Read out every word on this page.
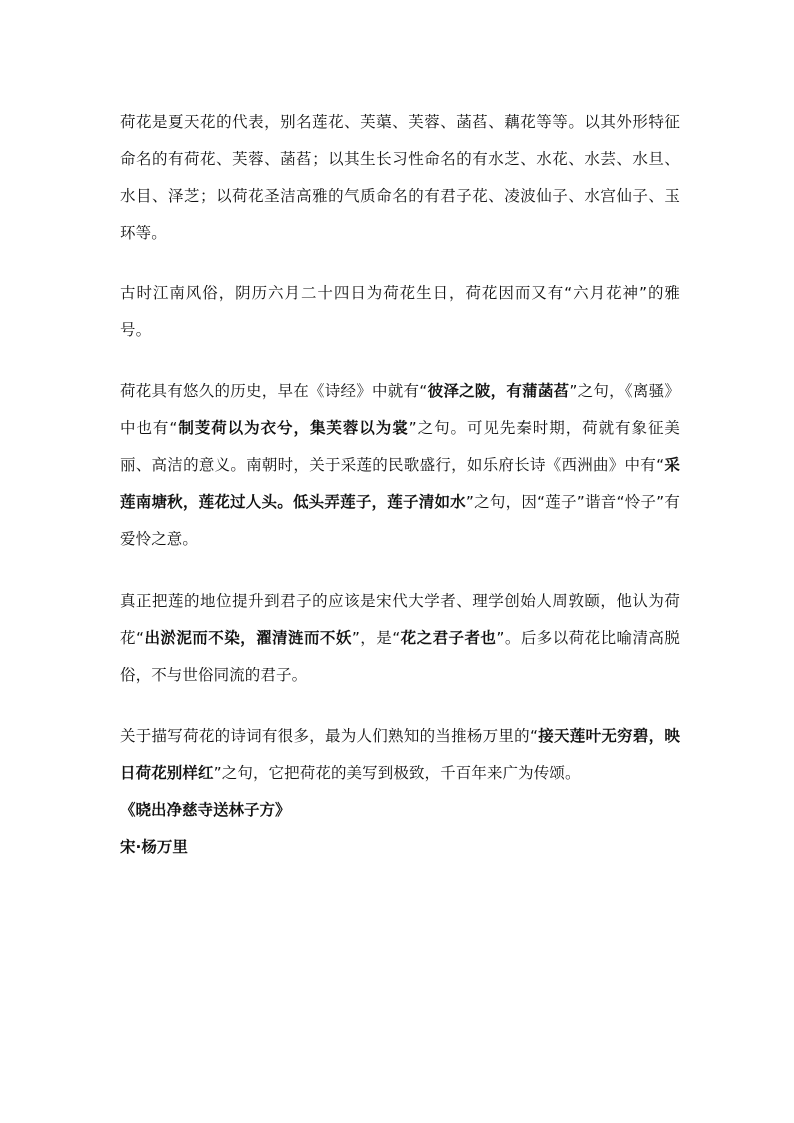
荷花是夏天花的代表，别名莲花、芙蕖、芙蓉、菡萏、藕花等等。以其外形特征命名的有荷花、芙蓉、菡萏；以其生长习性命名的有水芝、水花、水芸、水旦、水目、泽芝；以荷花圣洁高雅的气质命名的有君子花、凌波仙子、水宫仙子、玉环等。

古时江南风俗，阴历六月二十四日为荷花生日，荷花因而又有“六月花神”的雅号。

荷花具有悠久的历史，早在《诗经》中就有“彼泽之陂，有蒲菡萏”之句，《离骚》中也有“制芰荷以为衣兮，集芙蓉以为裳”之句。可见先秦时期，荷就有象征美丽、高洁的意义。南朝时，关于采莲的民歌盛行，如乐府长诗《西洲曲》中有“采莲南塘秋，莲花过人头。低头弄莲子，莲子清如水”之句，因“莲子”谐音“怜子”有爱怜之意。

真正把莲的地位提升到君子的应该是宋代大学者、理学创始人周敦颐，他认为荷花“出淤泥而不染，濯清涟而不妖”，是“花之君子者也”。后多以荷花比喻清高脱俗，不与世俗同流的君子。

关于描写荷花的诗词有很多，最为人们熟知的当推杨万里的“接天莲叶无穷碧，映日荷花别样红”之句，它把荷花的美写到极致，千百年来广为传颂。

《晓出净慈寺送林子方》

宋·杨万里
